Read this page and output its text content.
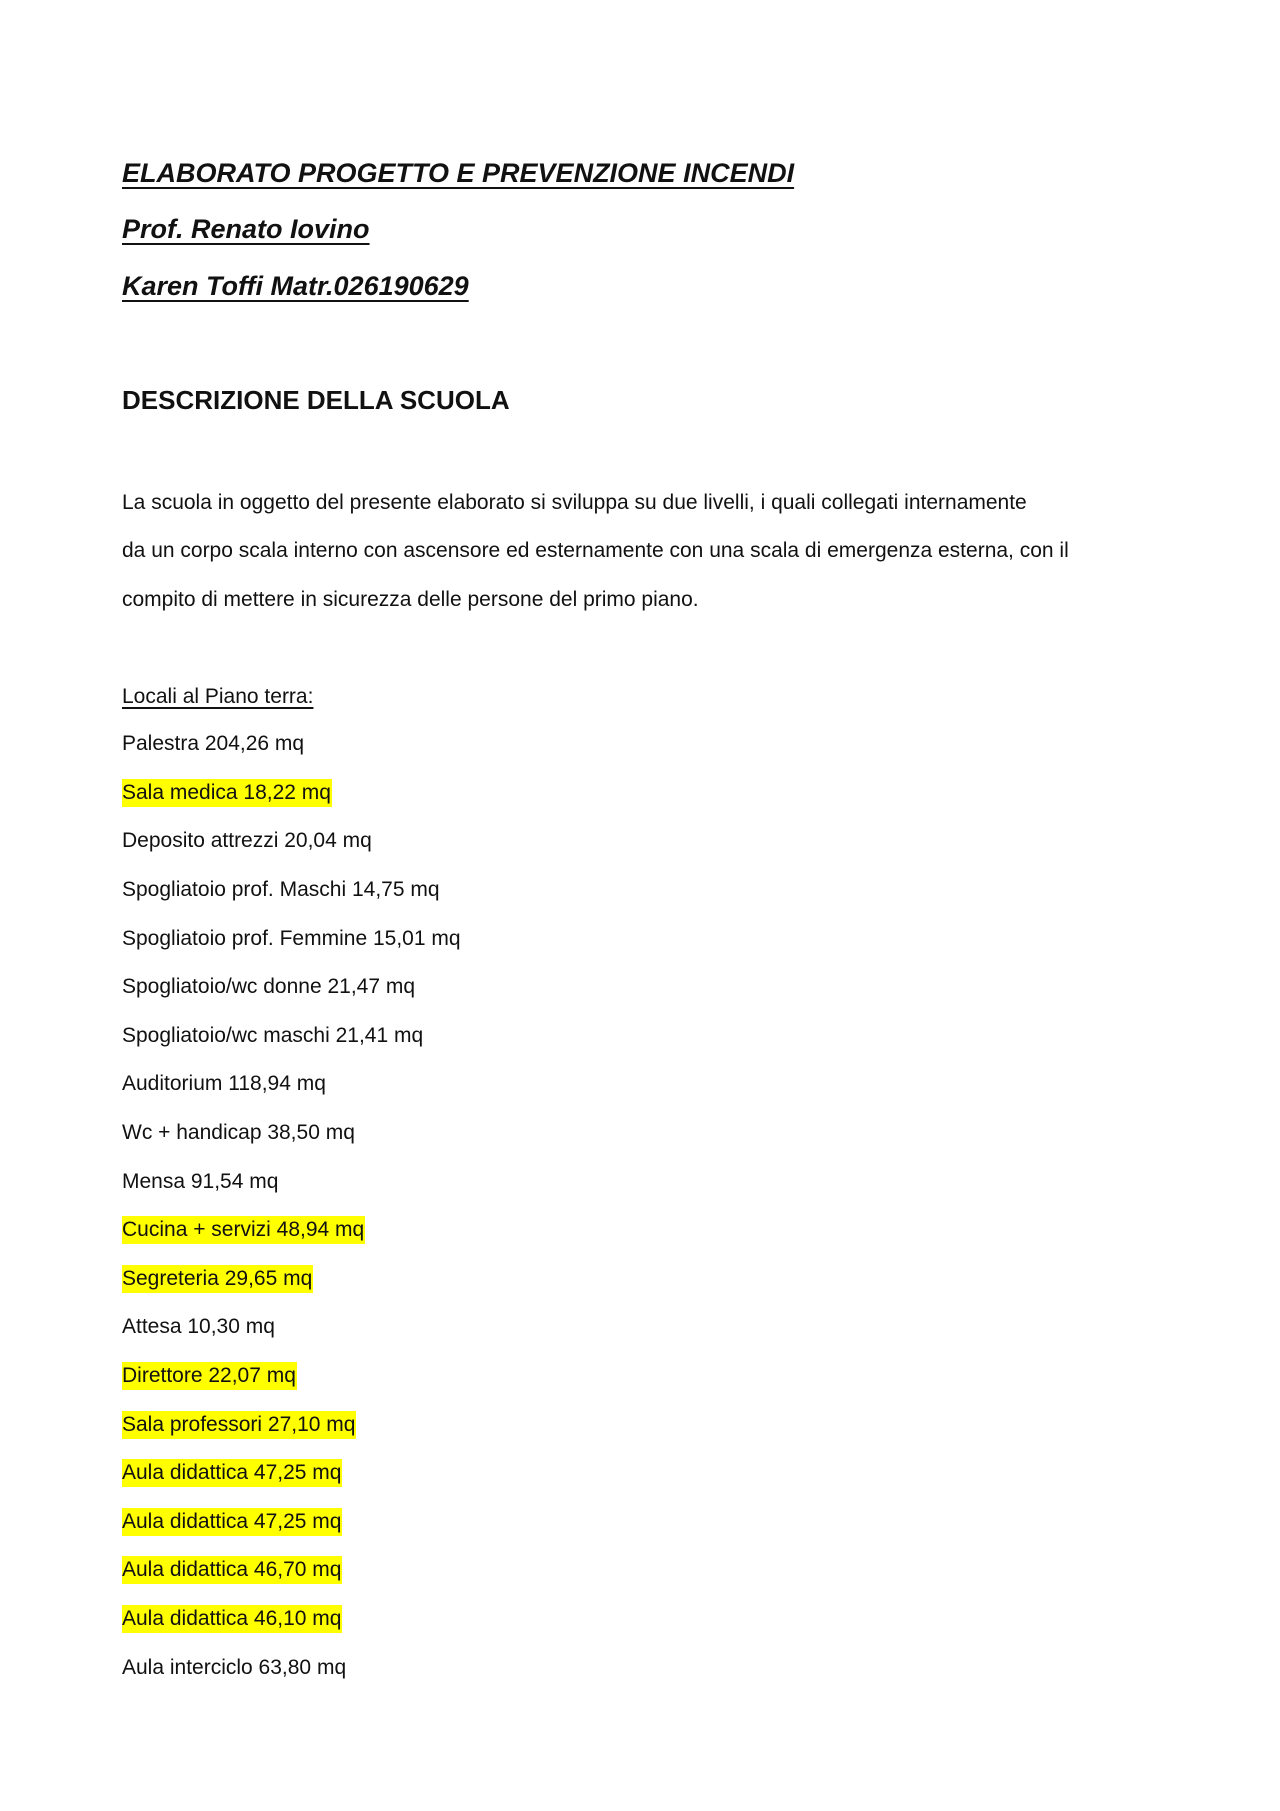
ELABORATO PROGETTO E PREVENZIONE INCENDI
Prof. Renato Iovino
Karen Toffi Matr.026190629
DESCRIZIONE DELLA SCUOLA

La scuola in oggetto del presente elaborato si sviluppa su due livelli, i quali collegati internamente

da un corpo scala interno con ascensore ed esternamente con una scala di emergenza esterna, con il

compito di mettere in sicurezza delle persone del primo piano.

Locali al Piano terra:

Palestra 204,26 mq
Sala medica 18,22 mq
Deposito attrezzi 20,04 mq
Spogliatoio prof. Maschi 14,75 mq
Spogliatoio prof. Femmine 15,01 mq
Spogliatoio/wc donne 21,47 mq
Spogliatoio/wc maschi 21,41 mq
Auditorium 118,94 mq
Wc + handicap 38,50 mq
Mensa 91,54 mq
Cucina + servizi 48,94 mq
Segreteria 29,65 mq
Attesa 10,30 mq
Direttore 22,07 mq
Sala professori 27,10 mq
Aula didattica 47,25 mq
Aula didattica 47,25 mq
Aula didattica 46,70 mq
Aula didattica 46,10 mq
Aula interciclo 63,80 mq
